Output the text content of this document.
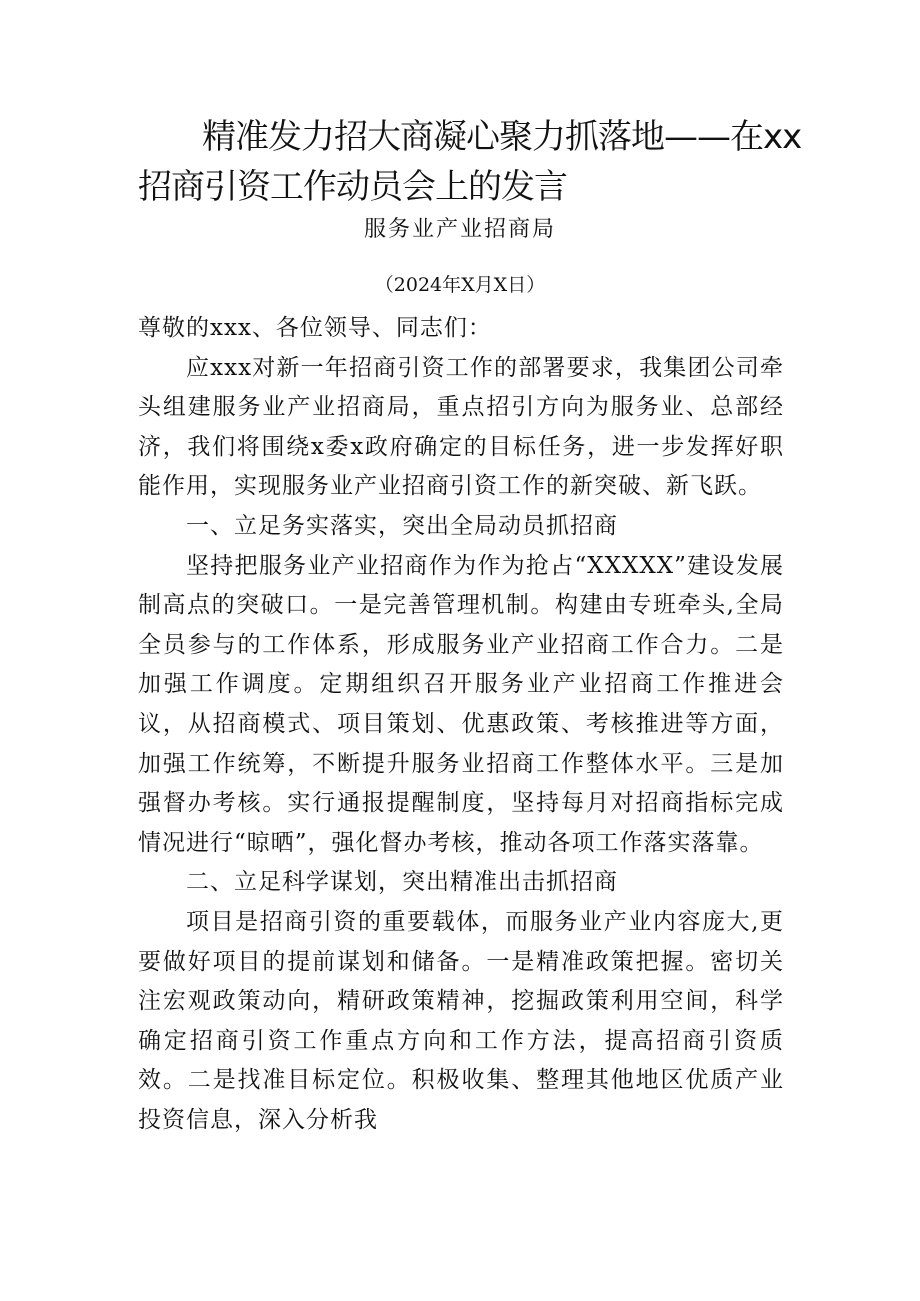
精准发力招大商凝心聚力抓落地——在xx
招商引资工作动员会上的发言
服务业产业招商局
（2024年X月X日）

尊敬的xxx、各位领导、同志们：

应xxx对新一年招商引资工作的部署要求，我集团公司牵头组建服务业产业招商局，重点招引方向为服务业、总部经济，我们将围绕x委x政府确定的目标任务，进一步发挥好职能作用，实现服务业产业招商引资工作的新突破、新飞跃。

一、立足务实落实，突出全局动员抓招商

坚持把服务业产业招商作为作为抢占“XXXXX”建设发展制高点的突破口。一是完善管理机制。构建由专班牵头,全局全员参与的工作体系，形成服务业产业招商工作合力。二是加强工作调度。定期组织召开服务业产业招商工作推进会议，从招商模式、项目策划、优惠政策、考核推进等方面，加强工作统筹，不断提升服务业招商工作整体水平。三是加强督办考核。实行通报提醒制度，坚持每月对招商指标完成情况进行“晾晒”，强化督办考核，推动各项工作落实落靠。

二、立足科学谋划，突出精准出击抓招商

项目是招商引资的重要载体，而服务业产业内容庞大,更要做好项目的提前谋划和储备。一是精准政策把握。密切关注宏观政策动向，精研政策精神，挖掘政策利用空间，科学确定招商引资工作重点方向和工作方法，提高招商引资质效。二是找准目标定位。积极收集、整理其他地区优质产业投资信息，深入分析我
